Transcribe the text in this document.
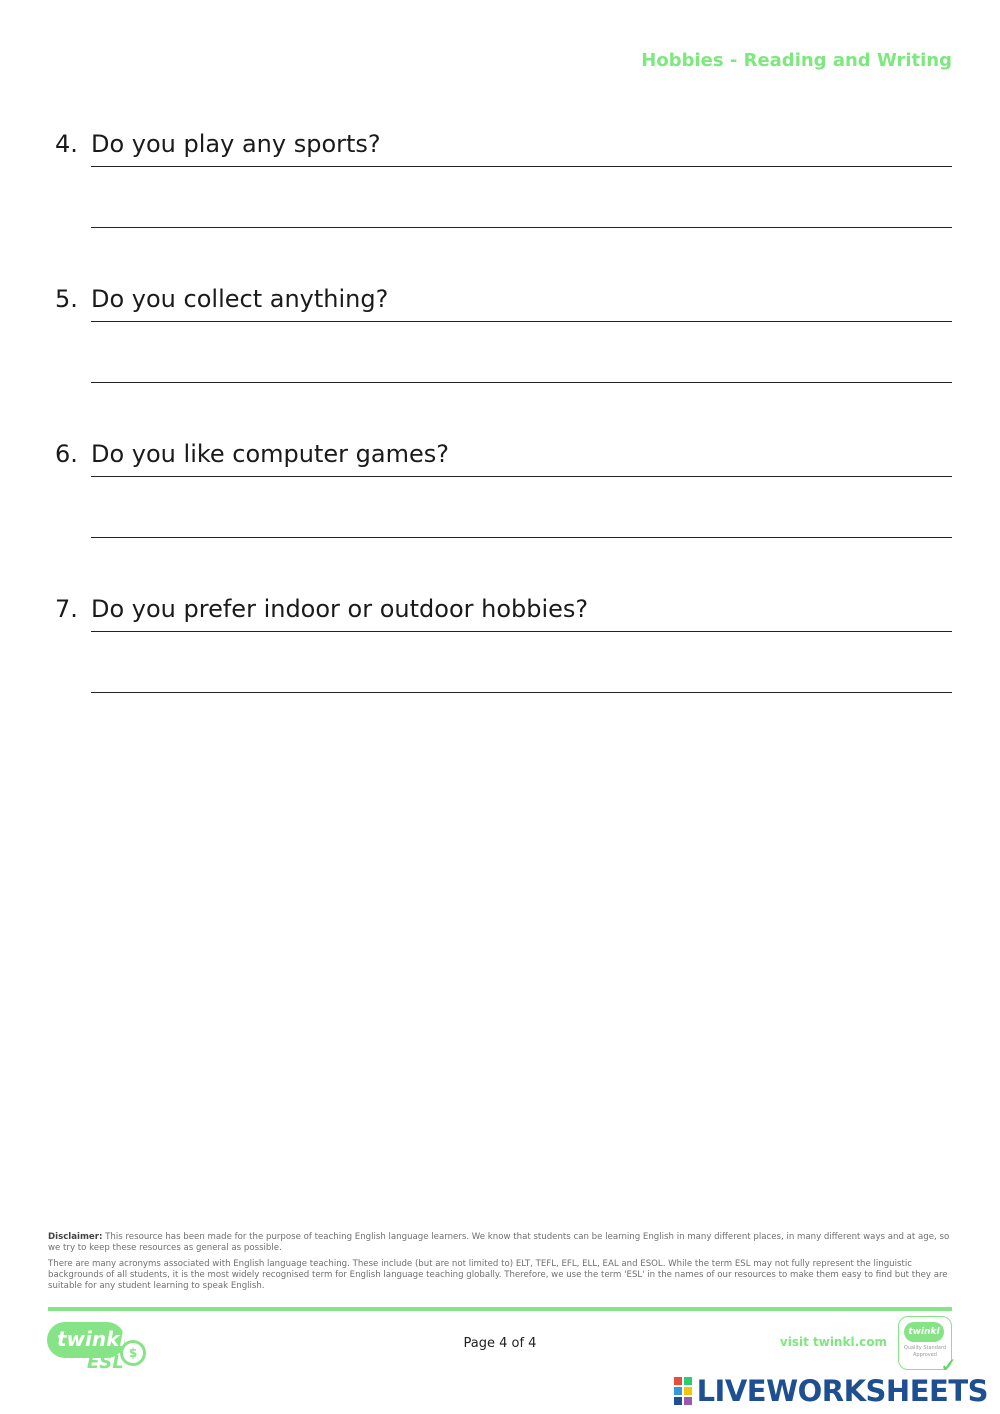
Hobbies - Reading and Writing
4. Do you play any sports?
5. Do you collect anything?
6. Do you like computer games?
7. Do you prefer indoor or outdoor hobbies?

Disclaimer: This resource has been made for the purpose of teaching English language learners. We know that students can be learning English in many different places, in many different ways and at age, so we try to keep these resources as general as possible.

There are many acronyms associated with English language teaching. These include (but are not limited to) ELT, TEFL, EFL, ELL, EAL and ESOL. While the term ESL may not fully represent the linguistic backgrounds of all students, it is the most widely recognised term for English language teaching globally. Therefore, we use the term 'ESL' in the names of our resources to make them easy to find but they are suitable for any student learning to speak English.

twinkl
ESL $
Page 4 of 4	visit twinkl.com
twinkl
Quality Standard Approved ✓
LIVEWORKSHEETS
